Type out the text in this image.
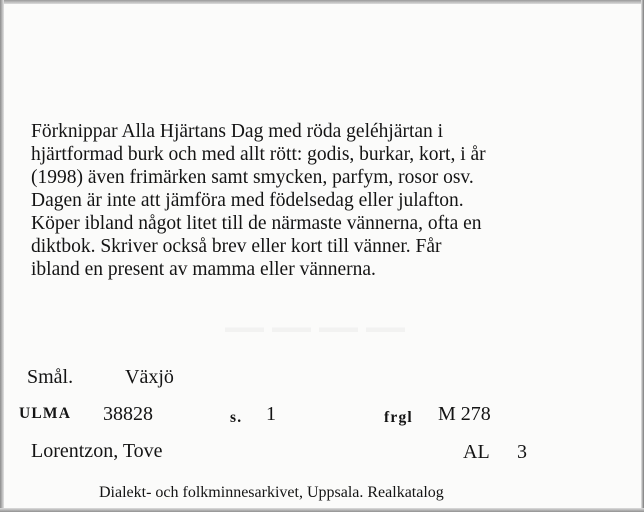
Förknippar Alla Hjärtans Dag med röda geléhjärtan i
hjärtformad burk och med allt rött: godis, burkar, kort, i år
(1998) även frimärken samt smycken, parfym, rosor osv.
Dagen är inte att jämföra med födelsedag eller julafton.
Köper ibland något litet till de närmaste vännerna, ofta en
diktbok. Skriver också brev eller kort till vänner. Får
ibland en present av mamma eller vännerna.
Smål.	Växjö
ULMA 38828	s. 1	frgl M 278
Lorentzon, Tove	AL 3
Dialekt- och folkminnesarkivet, Uppsala. Realkatalog
